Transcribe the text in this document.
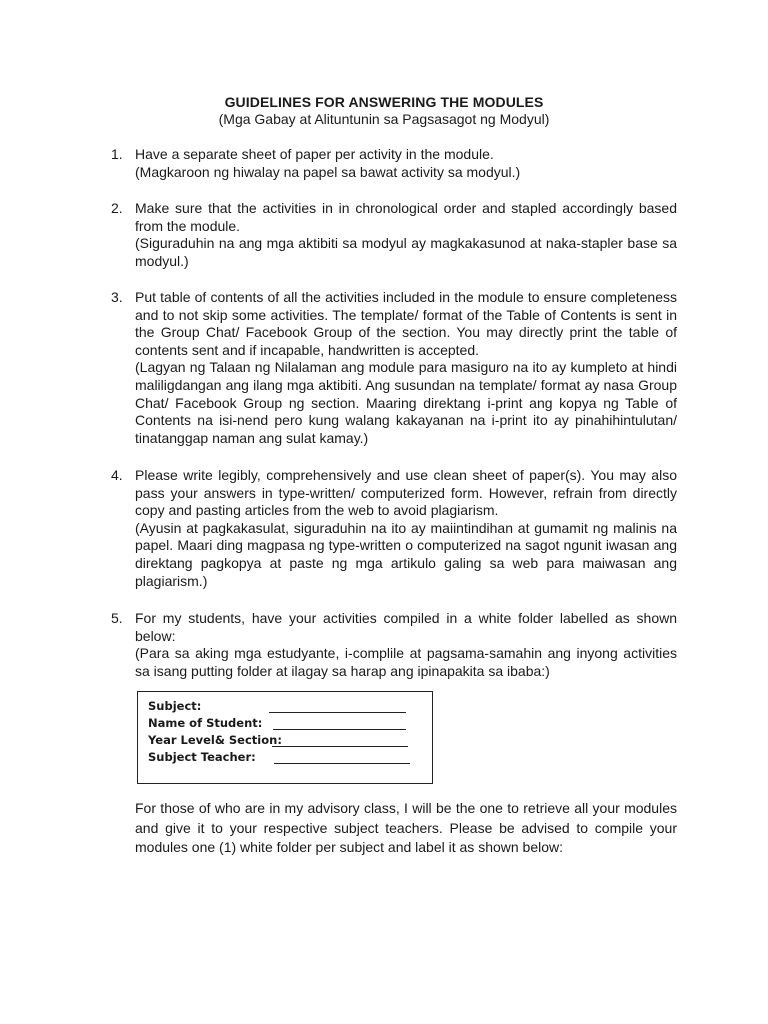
GUIDELINES FOR ANSWERING THE MODULES
(Mga Gabay at Alituntunin sa Pagsasagot ng Modyul)
1. Have a separate sheet of paper per activity in the module.

(Magkaroon ng hiwalay na papel sa bawat activity sa modyul.)

2. Make sure that the activities in in chronological order and stapled accordingly based from the module.

(Siguraduhin na ang mga aktibiti sa modyul ay magkakasunod at naka-stapler base sa modyul.)

3. Put table of contents of all the activities included in the module to ensure completeness and to not skip some activities. The template/ format of the Table of Contents is sent in the Group Chat/ Facebook Group of the section. You may directly print the table of contents sent and if incapable, handwritten is accepted.

(Lagyan ng Talaan ng Nilalaman ang module para masiguro na ito ay kumpleto at hindi maliligdangan ang ilang mga aktibiti. Ang susundan na template/ format ay nasa Group Chat/ Facebook Group ng section. Maaring direktang i-print ang kopya ng Table of Contents na isi-nend pero kung walang kakayanan na i-print ito ay pinahihintulutan/ tinatanggap naman ang sulat kamay.)

4. Please write legibly, comprehensively and use clean sheet of paper(s). You may also pass your answers in type-written/ computerized form. However, refrain from directly copy and pasting articles from the web to avoid plagiarism.

(Ayusin at pagkakasulat, siguraduhin na ito ay maiintindihan at gumamit ng malinis na papel. Maari ding magpasa ng type-written o computerized na sagot ngunit iwasan ang direktang pagkopya at paste ng mga artikulo galing sa web para maiwasan ang plagiarism.)

5. For my students, have your activities compiled in a white folder labelled as shown below:

(Para sa aking mga estudyante, i-complile at pagsama-samahin ang inyong activities sa isang putting folder at ilagay sa harap ang ipinapakita sa ibaba:)

Subject:
Name of Student:
Year Level& Section:
Subject Teacher:
For those of who are in my advisory class, I will be the one to retrieve all your modules and give it to your respective subject teachers. Please be advised to compile your modules one (1) white folder per subject and label it as shown below:
